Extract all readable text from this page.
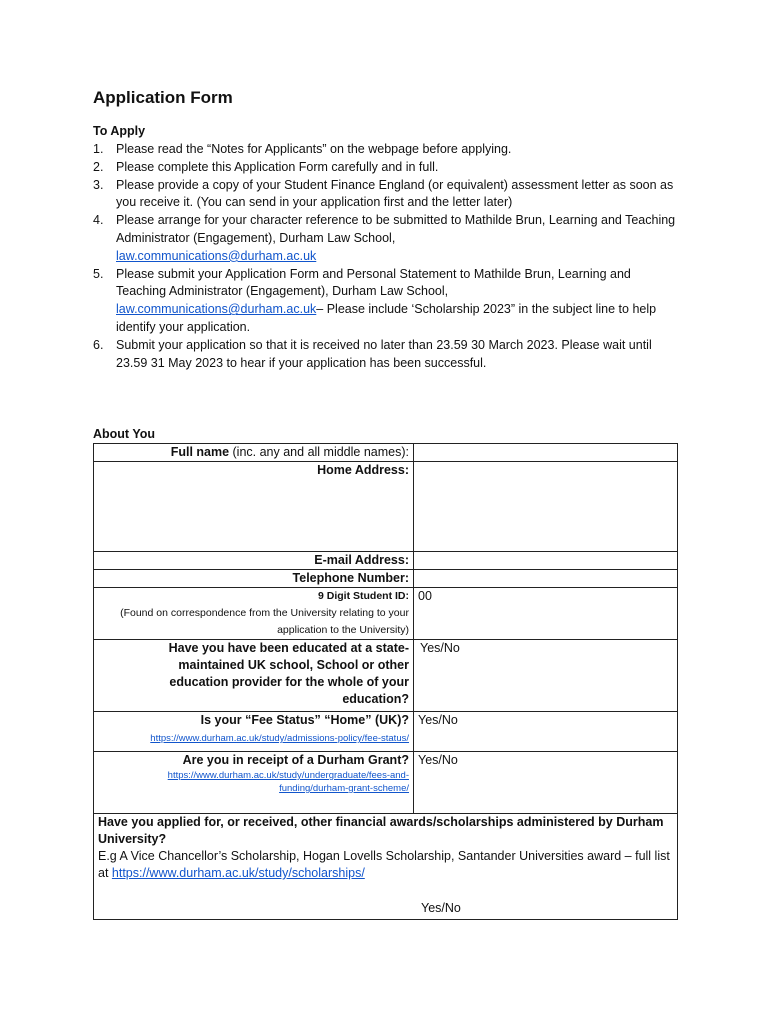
Application Form
To Apply
1. Please read the “Notes for Applicants” on the webpage before applying.
2. Please complete this Application Form carefully and in full.
3. Please provide a copy of your Student Finance England (or equivalent) assessment letter as soon as you receive it. (You can send in your application first and the letter later)
4. Please arrange for your character reference to be submitted to Mathilde Brun, Learning and Teaching Administrator (Engagement), Durham Law School,
law.communications@durham.ac.uk
5. Please submit your Application Form and Personal Statement to Mathilde Brun, Learning and Teaching Administrator (Engagement), Durham Law School,
law.communications@durham.ac.uk– Please include ‘Scholarship 2023” in the subject line to help identify your application.
6. Submit your application so that it is received no later than 23.59 30 March 2023. Please wait until 23.59 31 May 2023 to hear if your application has been successful.
About You
Full name (inc. any and all middle names):	
Home Address:	
E-mail Address:	
Telephone Number:	

9 Digit Student ID:
(Found on correspondence from the University relating to your application to the University)	00
Have you have been educated at a state-maintained UK school, School or other education provider for the whole of your education?	Yes/No

Is your “Fee Status” “Home” (UK)?
https://www.durham.ac.uk/study/admissions-policy/fee-status/	Yes/No

Are you in receipt of a Durham Grant?
https://www.durham.ac.uk/study/undergraduate/fees-and-funding/durham-grant-scheme/	Yes/No

Have you applied for, or received, other financial awards/scholarships administered by Durham University?
E.g A Vice Chancellor’s Scholarship, Hogan Lovells Scholarship, Santander Universities award – full list at https://www.durham.ac.uk/study/scholarships/
Yes/No	
